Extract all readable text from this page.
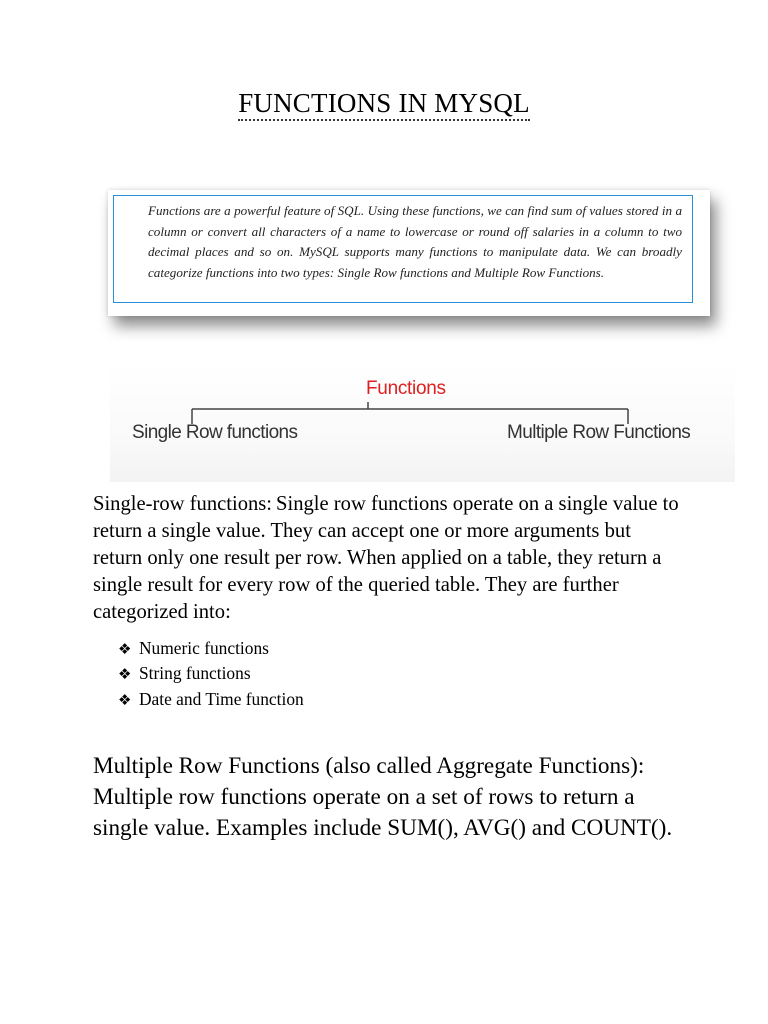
FUNCTIONS IN MYSQL
Functions are a powerful feature of SQL. Using these functions, we can find sum of values stored in a column or convert all characters of a name to lowercase or round off salaries in a column to two decimal places and so on. MySQL supports many functions to manipulate data. We can broadly categorize functions into two types: Single Row functions and Multiple Row Functions.
Functions
Single Row functions	Multiple Row Functions
Single-row functions: Single row functions operate on a single value to return a single value. They can accept one or more arguments but return only one result per row. When applied on a table, they return a single result for every row of the queried table. They are further categorized into:
❖ Numeric functions
❖ String functions
❖ Date and Time function
Multiple Row Functions (also called Aggregate Functions): Multiple row functions operate on a set of rows to return a single value. Examples include SUM(), AVG() and COUNT().
